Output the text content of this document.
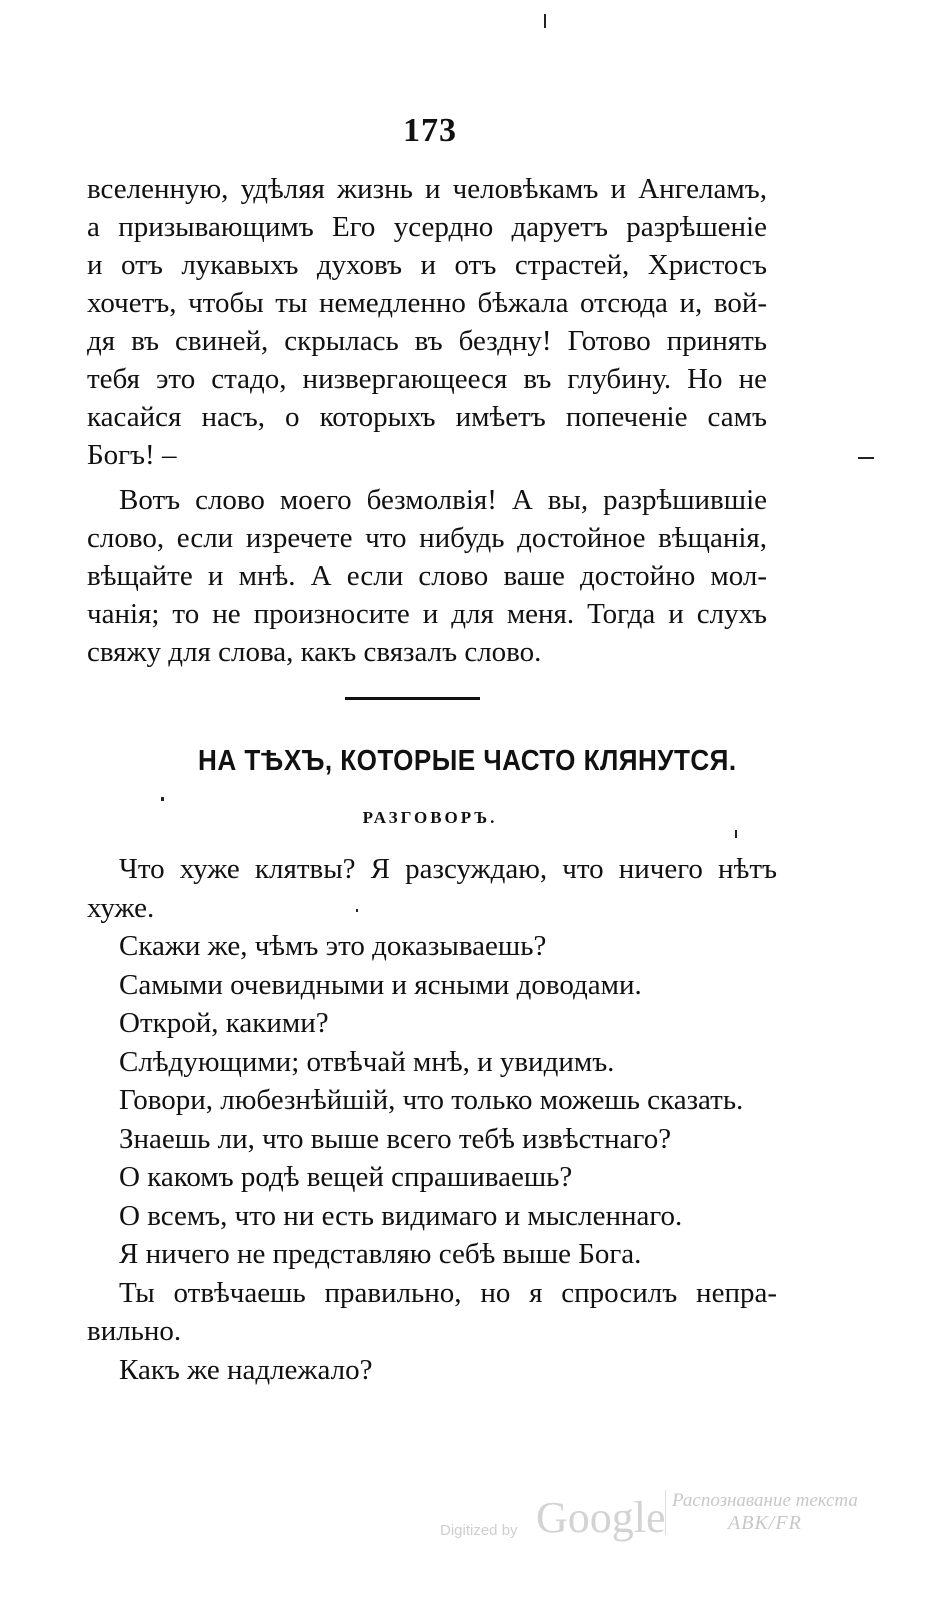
173
вселенную, удѣляя жизнь и человѣкамъ и Ангеламъ,
а призывающимъ Его усердно даруетъ разрѣшеніе
и отъ лукавыхъ духовъ и отъ страстей, Христосъ
хочетъ, чтобы ты немедленно бѣжала отсюда и, вой-
дя въ свиней, скрылась въ бездну! Готово принять
тебя это стадо, низвергающееся въ глубину. Но не
касайся насъ, о которыхъ имѣетъ попеченіе самъ
Богъ! –
Вотъ слово моего безмолвія! А вы, разрѣшившіе
слово, если изречете что нибудь достойное вѣщанія,
вѣщайте и мнѣ. А если слово ваше достойно мол-
чанія; то не произносите и для меня. Тогда и слухъ
свяжу для слова, какъ связалъ слово.
НА ТѢХЪ, КОТОРЫЕ ЧАСТО КЛЯНУТСЯ.
РАЗГОВОРЪ.
Что хуже клятвы? Я разсуждаю, что ничего нѣтъ
хуже.
Скажи же, чѣмъ это доказываешь?
Самыми очевидными и ясными доводами.
Открой, какими?
Слѣдующими; отвѣчай мнѣ, и увидимъ.
Говори, любезнѣйшій, что только можешь сказать.
Знаешь ли, что выше всего тебѣ извѣстнаго?
О какомъ родѣ вещей спрашиваешь?
О всемъ, что ни есть видимаго и мысленнаго.
Я ничего не представляю себѣ выше Бога.
Ты отвѣчаешь правильно, но я спросилъ непра-
вильно.
Какъ же надлежало?
Digitized by Google Распознавание текста
ABK/FR
